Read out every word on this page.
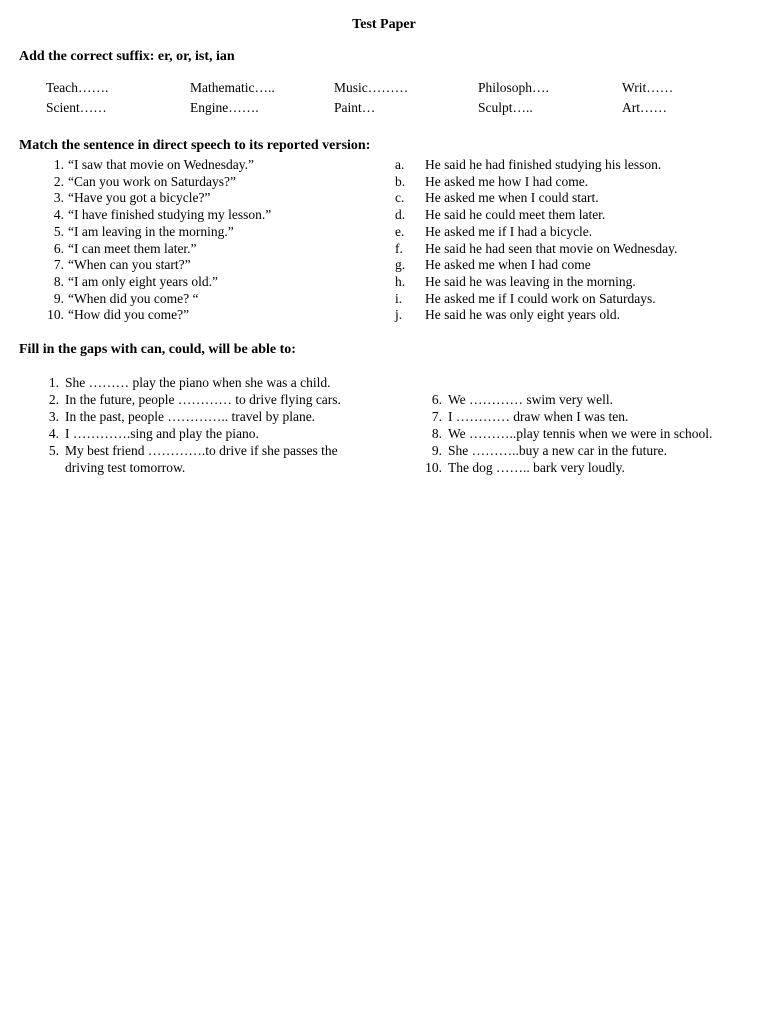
Test Paper
Add the correct suffix: er, or, ist, ian
Teach…….	Mathematic…..	Music………	Philosoph….	Writ……
Scient……	Engine…….	Paint…	Sculpt…..	Art……
Match the sentence in direct speech to its reported version:
1. “I saw that movie on Wednesday.”
2. “Can you work on Saturdays?”
3. “Have you got a bicycle?”
4. “I have finished studying my lesson.”
5. “I am leaving in the morning.”
6. “I can meet them later.”
7. “When can you start?”
8. “I am only eight years old.”
9. “When did you come? “
10. “How did you come?”
a.	He said he had finished studying his lesson.
b.	He asked me how I had come.
c.	He asked me when I could start.
d.	He said he could meet them later.
e.	He asked me if I had a bicycle.
f.	He said he had seen that movie on Wednesday.
g.	He asked me when I had come
h.	He said he was leaving in the morning.
i.	He asked me if I could work on Saturdays.
j.	He said he was only eight years old.
Fill in the gaps with can, could, will be able to:
1. She ……… play the piano when she was a child.
2. In the future, people ………… to drive flying cars.
3. In the past, people ………….. travel by plane.
4. I ………….sing and play the piano.
5. My best friend ………….to drive if she passes the driving test tomorrow.
6. We ………… swim very well.
7. I ………… draw when I was ten.
8. We ………..play tennis when we were in school.
9. She ………..buy a new car in the future.
10. The dog …….. bark very loudly.
